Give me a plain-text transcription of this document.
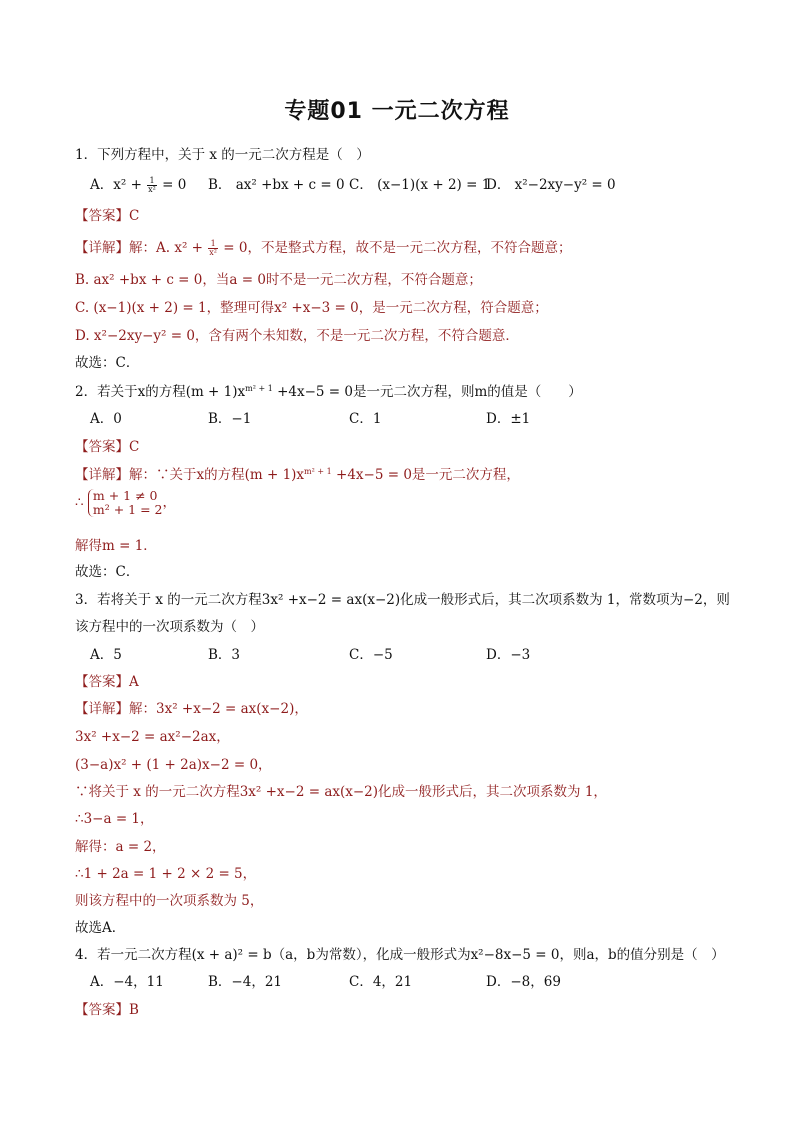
专题01 一元二次方程
1．下列方程中，关于 x 的一元二次方程是（　）
A．$x^2 + \frac{1}{\text{x²}} = 0$ B． ax² +bx + c = 0 C． (x−1)(x + 2) = 1
D． x²−2xy−y² = 0
【答案】C
【详解】解：A. $x^2 + \frac{1}{\text{x²}} = 0$，不是整式方程，故不是一元二次方程，不符合题意；
B. ax² +bx + c = 0，当a = 0时不是一元二次方程，不符合题意；
C. (x−1)(x + 2) = 1，整理可得x² +x−3 = 0，是一元二次方程，符合题意；
D. x²−2xy−y² = 0，含有两个未知数，不是一元二次方程，不符合题意．
故选：C．
2．若关于x的方程$(m + 1)x^{m^2 + 1} +4x-5 = 0$是一元二次方程，则m的值是（　　）
A．0	B．−1	C．1	D．±1
【答案】C
【详解】解：∵关于x的方程$(m + 1)x^{m^2 + 1} +4x-5 = 0$是一元二次方程，
∴ m + 1 ≠ 0
m² + 1 = 2 ，
解得m = 1．
故选：C．
3．若将关于 x 的一元二次方程3x² +x−2 = ax(x−2)化成一般形式后，其二次项系数为 1，常数项为−2，则
该方程中的一次项系数为（　）
A．5	B．3	C．−5	D．−3
【答案】A
【详解】解：3x² +x−2 = ax(x−2)，
3x² +x−2 = ax²−2ax，
(3−a)x² + (1 + 2a)x−2 = 0，
∵将关于 x 的一元二次方程3x² +x−2 = ax(x−2)化成一般形式后，其二次项系数为 1，
∴3−a = 1，
解得：a = 2，
∴1 + 2a = 1 + 2 × 2 = 5，
则该方程中的一次项系数为 5，
故选A．
4．若一元二次方程(x + a)² = b（a，b为常数），化成一般形式为x²−8x−5 = 0，则a，b的值分别是（　）
A．−4，11	B．−4，21	C．4，21	D．−8，69
【答案】B
